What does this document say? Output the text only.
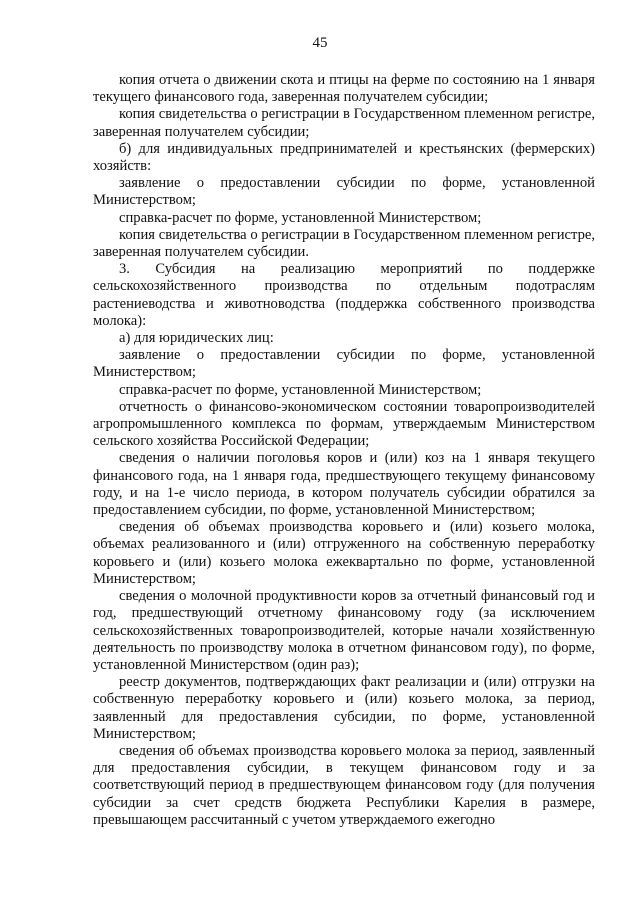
45

копия отчета о движении скота и птицы на ферме по состоянию на 1 января текущего финансового года, заверенная получателем субсидии;

копия свидетельства о регистрации в Государственном племенном регистре, заверенная получателем субсидии;

б) для индивидуальных предпринимателей и крестьянских (фермерских) хозяйств:

заявление о предоставлении субсидии по форме, установленной Министерством;

справка-расчет по форме, установленной Министерством;

копия свидетельства о регистрации в Государственном племенном регистре, заверенная получателем субсидии.

3. Субсидия на реализацию мероприятий по поддержке сельскохозяйственного производства по отдельным подотраслям растениеводства и животноводства (поддержка собственного производства молока):

а) для юридических лиц:

заявление о предоставлении субсидии по форме, установленной Министерством;

справка-расчет по форме, установленной Министерством;

отчетность о финансово-экономическом состоянии товаропроизводителей агропромышленного комплекса по формам, утверждаемым Министерством сельского хозяйства Российской Федерации;

сведения о наличии поголовья коров и (или) коз на 1 января текущего финансового года, на 1 января года, предшествующего текущему финансовому году, и на 1-е число периода, в котором получатель субсидии обратился за предоставлением субсидии, по форме, установленной Министерством;

сведения об объемах производства коровьего и (или) козьего молока, объемах реализованного и (или) отгруженного на собственную переработку коровьего и (или) козьего молока ежеквартально по форме, установленной Министерством;

сведения о молочной продуктивности коров за отчетный финансовый год и год, предшествующий отчетному финансовому году (за исключением сельскохозяйственных товаропроизводителей, которые начали хозяйственную деятельность по производству молока в отчетном финансовом году), по форме, установленной Министерством (один раз);

реестр документов, подтверждающих факт реализации и (или) отгрузки на собственную переработку коровьего и (или) козьего молока, за период, заявленный для предоставления субсидии, по форме, установленной Министерством;

сведения об объемах производства коровьего молока за период, заявленный для предоставления субсидии, в текущем финансовом году и за соответствующий период в предшествующем финансовом году (для получения субсидии за счет средств бюджета Республики Карелия в размере, превышающем рассчитанный с учетом утверждаемого ежегодно
